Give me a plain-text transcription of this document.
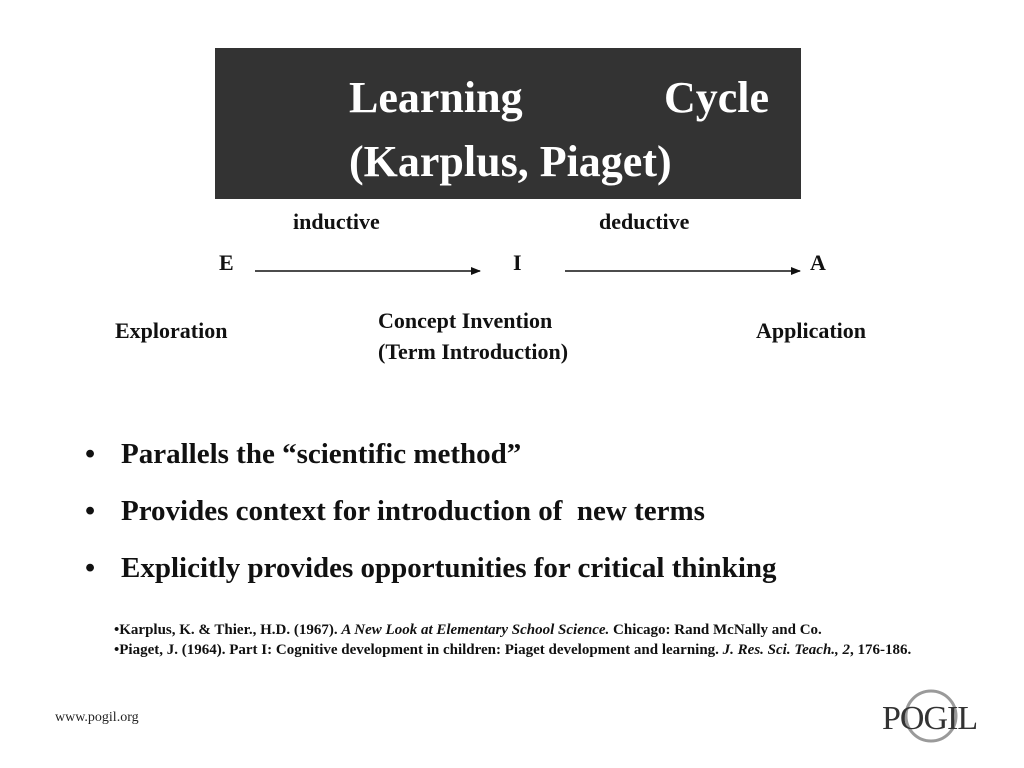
Learning	Cycle
(Karplus, Piaget)
inductive	deductive
E	I	A
Exploration	Concept Invention
(Term Introduction)
Application
• Parallels the “scientific method”
• Provides context for introduction of  new terms
• Explicitly provides opportunities for critical thinking
•Karplus, K. & Thier., H.D. (1967). A New Look at Elementary School Science. Chicago: Rand McNally and Co.
•Piaget, J. (1964). Part I: Cognitive development in children: Piaget development and learning. J. Res. Sci. Teach., 2, 176-186.
www.pogil.org	POGIL
